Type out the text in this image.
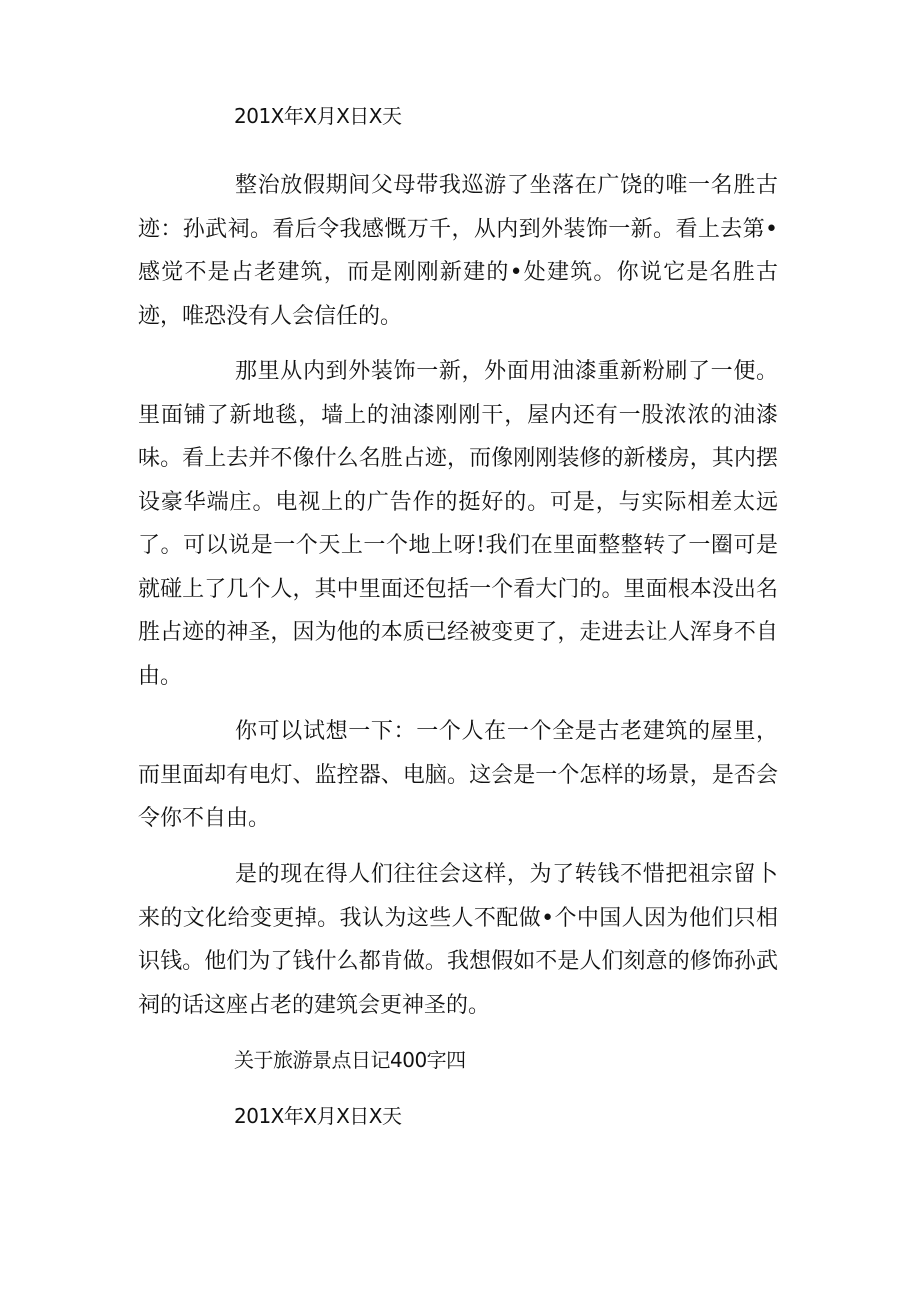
201X年X月X日X天

整治放假期间父母带我巡游了坐落在广饶的唯一名胜古迹：孙武祠。看后令我感慨万千，从内到外装饰一新。看上去第•感觉不是占老建筑，而是刚刚新建的•处建筑。你说它是名胜古迹，唯恐没有人会信任的。

那里从内到外装饰一新，外面用油漆重新粉刷了一便。里面铺了新地毯，墙上的油漆刚刚干，屋内还有一股浓浓的油漆味。看上去并不像什么名胜占迹，而像刚刚装修的新楼房，其内摆设豪华端庄。电视上的广告作的挺好的。可是，与实际相差太远了。可以说是一个天上一个地上呀!我们在里面整整转了一圈可是就碰上了几个人，其中里面还包括一个看大门的。里面根本没出名胜占迹的神圣，因为他的本质已经被变更了，走进去让人浑身不自由。

你可以试想一下：一个人在一个全是古老建筑的屋里，而里面却有电灯、监控器、电脑。这会是一个怎样的场景，是否会令你不自由。

是的现在得人们往往会这样，为了转钱不惜把祖宗留卜来的文化给变更掉。我认为这些人不配做•个中国人因为他们只相识钱。他们为了钱什么都肯做。我想假如不是人们刻意的修饰孙武祠的话这座占老的建筑会更神圣的。

关于旅游景点日记400字四
201X年X月X日X天
